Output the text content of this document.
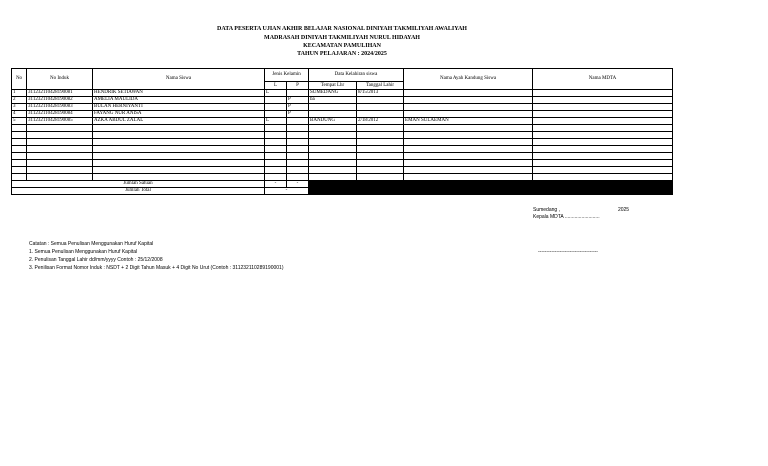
DATA PESERTA UJIAN AKHIR BELAJAR NASIONAL DINIYAH TAKMILIYAH AWALIYAH
MADRASAH DINIYAH TAKMILIYAH NURUL HIDAYAH
KECAMATAN PAMULIHAN
TAHUN PELAJARAN : 2024/2025
No	No Induk	Nama Siswa	Jenis Kelamin		Data Kelahiran siswa		Nama Ayah Kandung Siswa	Nama MDTA
			L	P	Tempat Lhr	Tanggal Lahir		
1	311232110428190081	HENDRIK SETIAWAN	L		SUMEDANG	8/15/2013		
2	311232110428190082	AMELIA MAULIDA		P	ba			
3	311232110428190083	BULAN HERNIYANTI		P				
4	311232110428190084	FAYANG NUR ANISA		P				
5	311232110428190085	AZKA ABDUL ZALAL	L		BANDUNG	2/18/2012	EMAN SULAEMAN	

Jumlah Satuan			-	-				
Jumlah Total			-					
Sumedang ,	2025
Kepala MDTA .........................
Catatan : Semua Penulisan Menggunakan Huruf Kapital
1. Semua Penulisan Menggunakan Huruf Kapital
2. Penulisan Tanggal Lahir dd/mm/yyyy Contoh : 25/12/2008
3. Penilisan Format Nomor Induk : NSDT + 2 Digit Tahun Masuk + 4 Digit No Urut (Contoh : 311232110289190001)
------------------------------------
